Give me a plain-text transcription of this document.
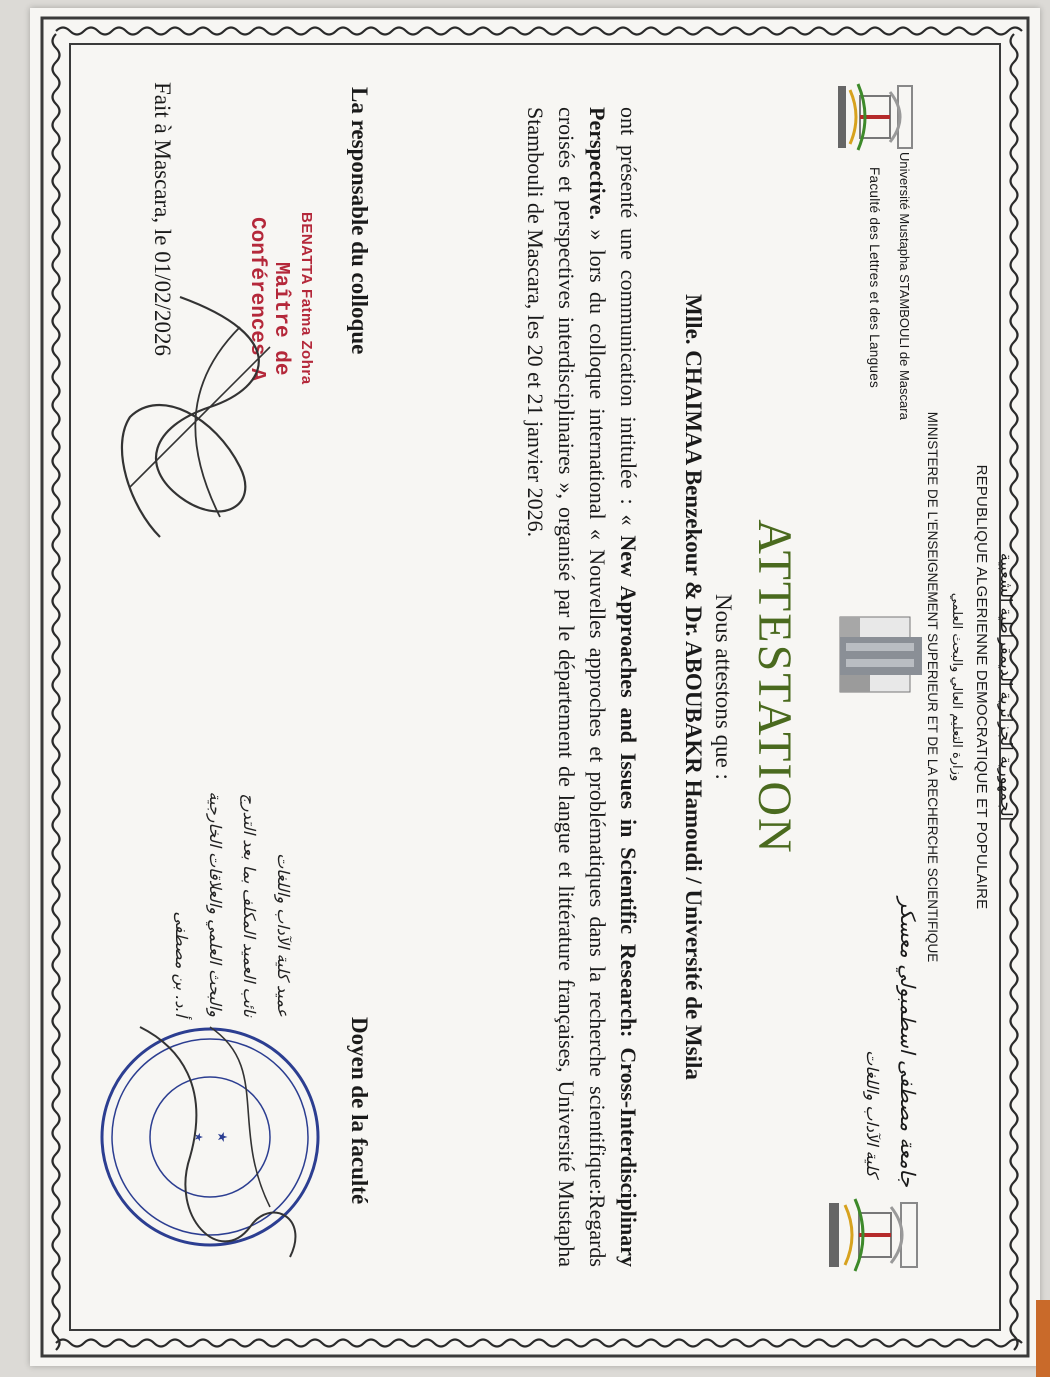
الجمهورية الجزائرية الديمقراطية الشعبية
REPUBLIQUE ALGERIENNE DEMOCRATIQUE ET POPULAIRE
وزارة التعليم العالي والبحث العلمي
MINISTERE DE L'ENSEIGNEMENT SUPERIEUR ET DE LA RECHERCHE SCIENTIFIQUE
Université Mustapha STAMBOULI de Mascara
Faculté des Lettres et des Langues
جامعة مصطفى اسطمبولي معسكر
كلية الآداب واللغات
ATTESTATION
Nous attestons que :
Mlle. CHAIMAA Benzekour & Dr. ABOUBAKR Hamoudi / Université de Msila
ont présenté une communication intitulée : « New Approaches and Issues in Scientific Research: Cross-Interdisciplinary Perspective. » lors du colloque international « Nouvelles approches et problématiques dans la recherche scientifique:Regards croisés et perspectives interdisciplinaires », organisé par le département de langue et littérature françaises, Université Mustapha Stambouli de Mascara, les 20 et 21 janvier 2026.
La responsable du colloque
Doyen de la faculté
BENATTA Fatma Zohra
Maître de
Conférences A
Fait à Mascara, le 01/02/2026
عميد كلية الآداب واللغات
نائب العميد المكلف بما بعد التدرج
والبحث العلمي والعلاقات الخارجية
أ.د. بن مصطفى
★
★
